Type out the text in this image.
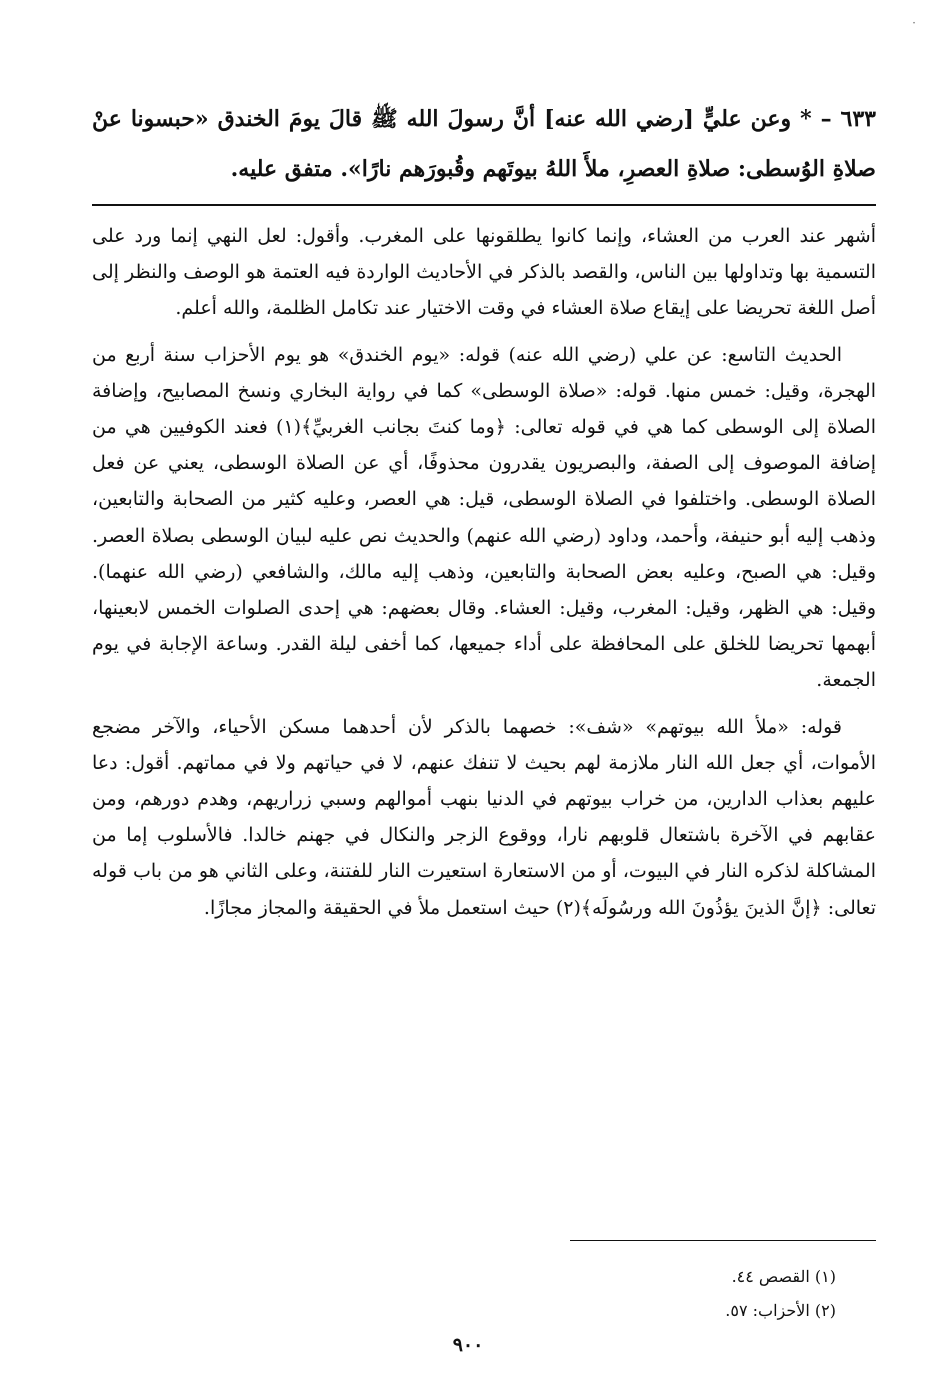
·
٦٣٣ – * وعن عليٍّ [رضي الله عنه] أنَّ رسولَ الله ﷺ قالَ يومَ الخندق «حبسونا عنْ صلاةِ الوُسطى: صلاةِ العصرِ، ملأَ اللهُ بيوتَهم وقُبورَهم نارًا». متفق عليه.

أشهر عند العرب من العشاء، وإنما كانوا يطلقونها على المغرب. وأقول: لعل النهي إنما ورد على التسمية بها وتداولها بين الناس، والقصد بالذكر في الأحاديث الواردة فيه العتمة هو الوصف والنظر إلى أصل اللغة تحريضا على إيقاع صلاة العشاء في وقت الاختيار عند تكامل الظلمة، والله أعلم.

الحديث التاسع: عن علي (رضي الله عنه) قوله: «يوم الخندق» هو يوم الأحزاب سنة أربع من الهجرة، وقيل: خمس منها. قوله: «صلاة الوسطى» كما في رواية البخاري ونسخ المصابيح، وإضافة الصلاة إلى الوسطى كما هي في قوله تعالى: ﴿وما كنتَ بجانب الغربيِّ﴾(١) فعند الكوفيين هي من إضافة الموصوف إلى الصفة، والبصريون يقدرون محذوفًا، أي عن الصلاة الوسطى، يعني عن فعل الصلاة الوسطى. واختلفوا في الصلاة الوسطى، قيل: هي العصر، وعليه كثير من الصحابة والتابعين، وذهب إليه أبو حنيفة، وأحمد، وداود (رضي الله عنهم) والحديث نص عليه لبيان الوسطى بصلاة العصر. وقيل: هي الصبح، وعليه بعض الصحابة والتابعين، وذهب إليه مالك، والشافعي (رضي الله عنهما). وقيل: هي الظهر، وقيل: المغرب، وقيل: العشاء. وقال بعضهم: هي إحدى الصلوات الخمس لابعينها، أبهمها تحريضا للخلق على المحافظة على أداء جميعها، كما أخفى ليلة القدر. وساعة الإجابة في يوم الجمعة.

قوله: «ملأ الله بيوتهم» «شف»: خصهما بالذكر لأن أحدهما مسكن الأحياء، والآخر مضجع الأموات، أي جعل الله النار ملازمة لهم بحيث لا تنفك عنهم، لا في حياتهم ولا في مماتهم. أقول: دعا عليهم بعذاب الدارين، من خراب بيوتهم في الدنيا بنهب أموالهم وسبي زراريهم، وهدم دورهم، ومن عقابهم في الآخرة باشتعال قلوبهم نارا، ووقوع الزجر والنكال في جهنم خالدا. فالأسلوب إما من المشاكلة لذكره النار في البيوت، أو من الاستعارة استعيرت النار للفتنة، وعلى الثاني هو من باب قوله تعالى: ﴿إنَّ الذينَ يؤذُونَ الله ورسُولَه﴾(٢) حيث استعمل ملأ في الحقيقة والمجاز مجازًا.

(١) القصص ٤٤.
(٢) الأحزاب: ٥٧.
٩٠٠
